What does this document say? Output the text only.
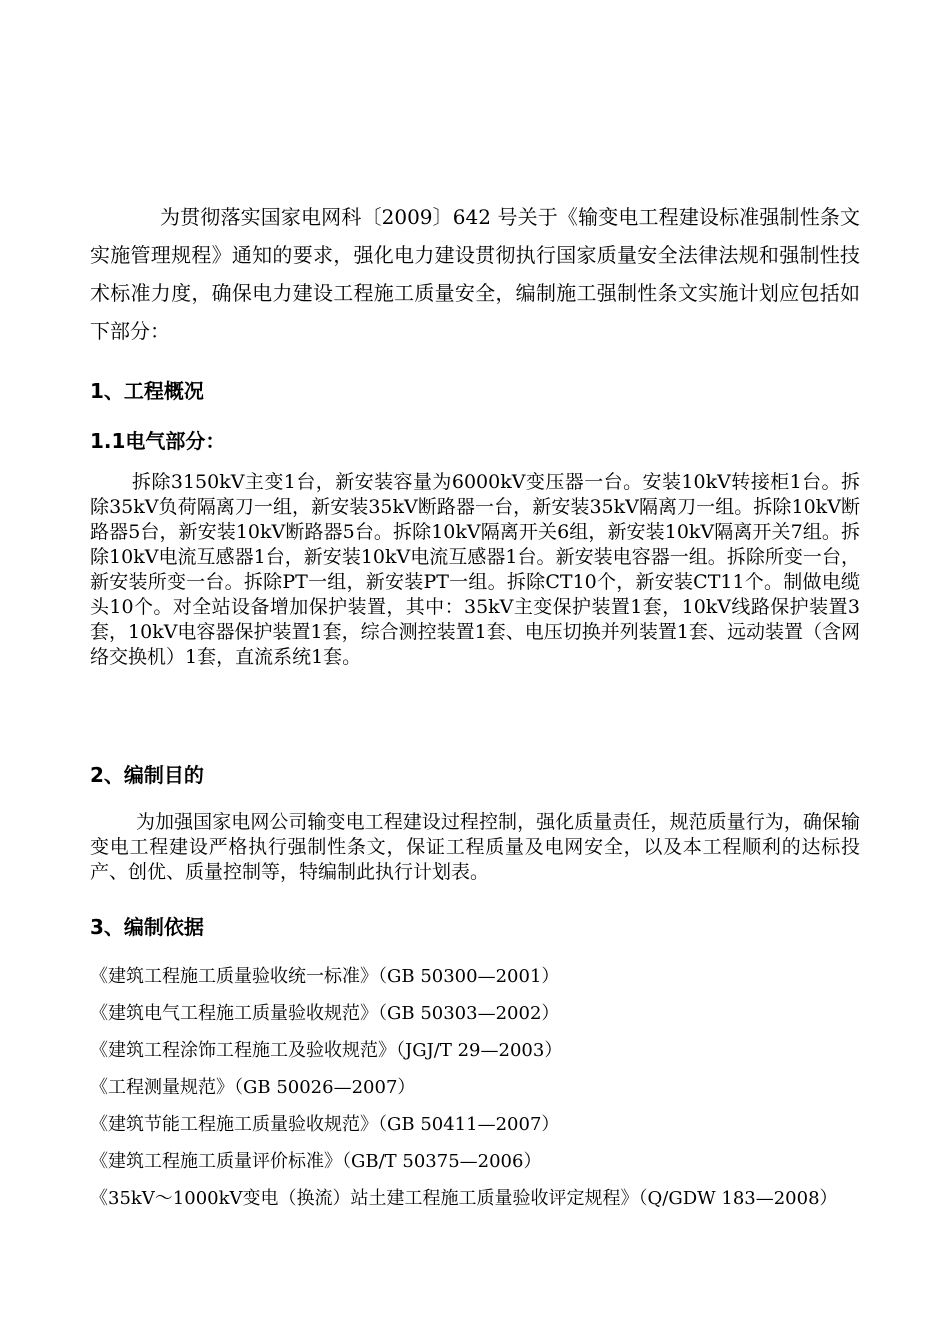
为贯彻落实国家电网科〔2009〕642 号关于《输变电工程建设标准强制性条文实施管理规程》通知的要求，强化电力建设贯彻执行国家质量安全法律法规和强制性技术标准力度，确保电力建设工程施工质量安全，编制施工强制性条文实施计划应包括如下部分：

1、工程概况
1.1电气部分：

拆除3150kV主变1台，新安装容量为6000kV变压器一台。安装10kV转接柜1台。拆除35kV负荷隔离刀一组，新安装35kV断路器一台，新安装35kV隔离刀一组。拆除10kV断路器5台，新安装10kV断路器5台。拆除10kV隔离开关6组，新安装10kV隔离开关7组。拆除10kV电流互感器1台，新安装10kV电流互感器1台。新安装电容器一组。拆除所变一台，新安装所变一台。拆除PT一组，新安装PT一组。拆除CT10个，新安装CT11个。制做电缆头10个。对全站设备增加保护装置，其中：35kV主变保护装置1套，10kV线路保护装置3套，10kV电容器保护装置1套，综合测控装置1套、电压切换并列装置1套、远动装置（含网络交换机）1套，直流系统1套。

2、编制目的

为加强国家电网公司输变电工程建设过程控制，强化质量责任，规范质量行为，确保输变电工程建设严格执行强制性条文，保证工程质量及电网安全，以及本工程顺利的达标投产、创优、质量控制等，特编制此执行计划表。

3、编制依据
《建筑工程施工质量验收统一标准》（GB 50300—2001）
《建筑电气工程施工质量验收规范》（GB 50303—2002）
《建筑工程涂饰工程施工及验收规范》（JGJ/T 29—2003）
《工程测量规范》（GB 50026—2007）
《建筑节能工程施工质量验收规范》（GB 50411—2007）
《建筑工程施工质量评价标准》（GB/T 50375—2006）
《35kV～1000kV变电（换流）站土建工程施工质量验收评定规程》（Q/GDW 183—2008）
